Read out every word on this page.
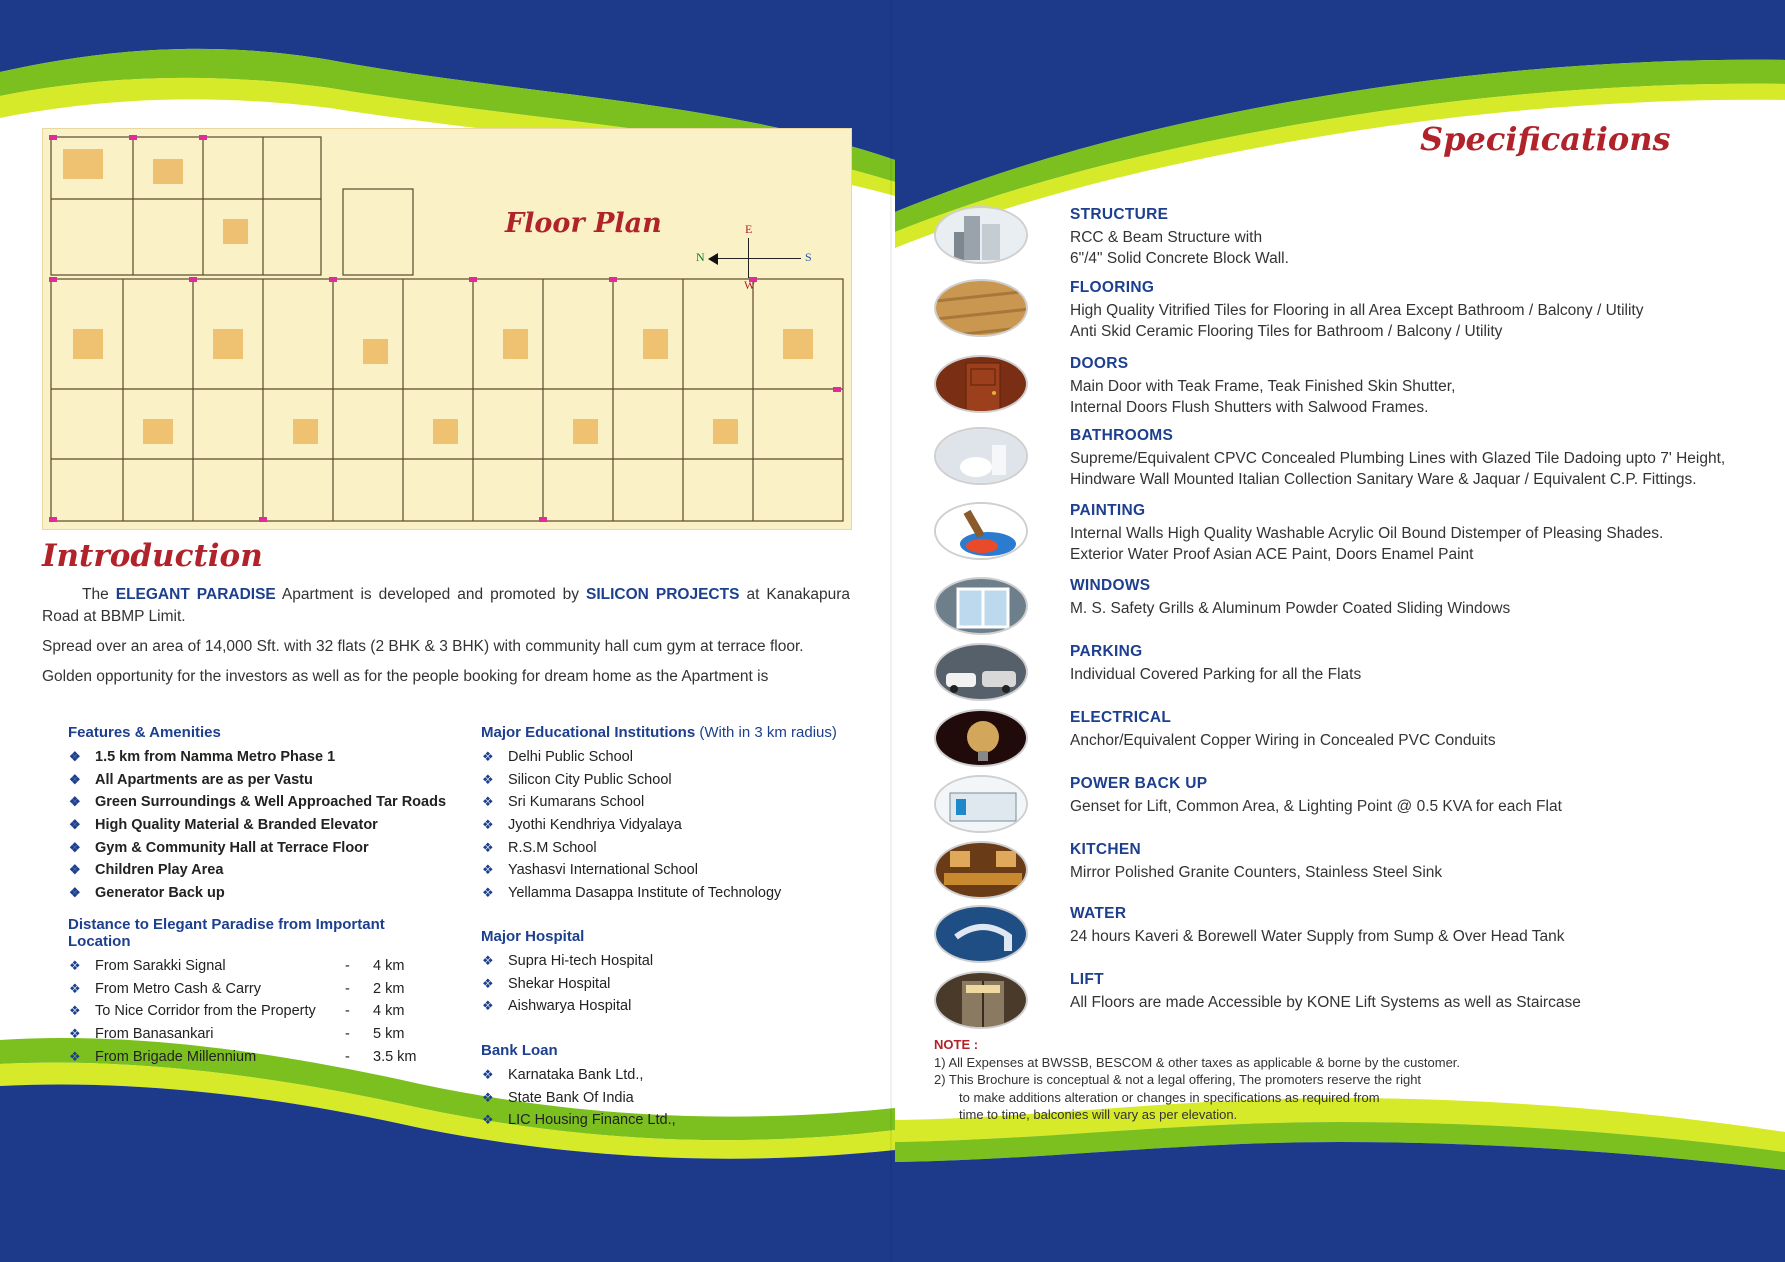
Floor Plan	E
W
N	S
Introduction

The ELEGANT PARADISE Apartment is developed and promoted by SILICON PROJECTS at Kanakapura Road at BBMP Limit.

Spread over an area of 14,000 Sft. with 32 flats (2 BHK & 3 BHK) with community hall cum gym at terrace floor.

Golden opportunity for the investors as well as for the people booking for dream home as the Apartment is

Features & Amenities
❖ 1.5 km from Namma Metro Phase 1
❖ All Apartments are as per Vastu
❖ Green Surroundings & Well Approached Tar Roads
❖ High Quality Material & Branded Elevator
❖ Gym & Community Hall at Terrace Floor
❖ Children Play Area
❖ Generator Back up
Distance to Elegant Paradise from Important Location
❖ From Sarakki Signal	- 4 km
❖ From Metro Cash & Carry	- 2 km
❖ To Nice Corridor from the Property - 4 km
❖ From Banasankari	- 5 km
❖ From Brigade Millennium	- 3.5 km
Major Educational Institutions (With in 3 km radius)
❖ Delhi Public School
❖ Silicon City Public School
❖ Sri Kumarans School
❖ Jyothi Kendhriya Vidyalaya
❖ R.S.M School
❖ Yashasvi International School
❖ Yellamma Dasappa Institute of Technology
Major Hospital
❖ Supra Hi-tech Hospital
❖ Shekar Hospital
❖ Aishwarya Hospital
Bank Loan
❖ Karnataka Bank Ltd.,
❖ State Bank Of India
❖ LIC Housing Finance Ltd.,
Specifications
STRUCTURE
RCC & Beam Structure with
6"/4" Solid Concrete Block Wall.
FLOORING
High Quality Vitrified Tiles for Flooring in all Area Except Bathroom / Balcony / Utility
Anti Skid Ceramic Flooring Tiles for Bathroom / Balcony / Utility
DOORS
Main Door with Teak Frame, Teak Finished Skin Shutter,
Internal Doors Flush Shutters with Salwood Frames.
BATHROOMS
Supreme/Equivalent CPVC Concealed Plumbing Lines with Glazed Tile Dadoing upto 7' Height,
Hindware Wall Mounted Italian Collection Sanitary Ware & Jaquar / Equivalent C.P. Fittings.
PAINTING
Internal Walls High Quality Washable Acrylic Oil Bound Distemper of Pleasing Shades.
Exterior Water Proof Asian ACE Paint, Doors Enamel Paint
WINDOWS
M. S. Safety Grills & Aluminum Powder Coated Sliding Windows
PARKING
Individual Covered Parking for all the Flats
ELECTRICAL
Anchor/Equivalent Copper Wiring in Concealed PVC Conduits
POWER BACK UP
Genset for Lift, Common Area, & Lighting Point @ 0.5 KVA for each Flat
KITCHEN
Mirror Polished Granite Counters, Stainless Steel Sink
WATER
24 hours Kaveri & Borewell Water Supply from Sump & Over Head Tank
LIFT
All Floors are made Accessible by KONE Lift Systems as well as Staircase
NOTE :
1) All Expenses at BWSSB, BESCOM & other taxes as applicable & borne by the customer.
2) This Brochure is conceptual & not a legal offering, The promoters reserve the right
to make additions alteration or changes in specifications as required from
time to time, balconies will vary as per elevation.
